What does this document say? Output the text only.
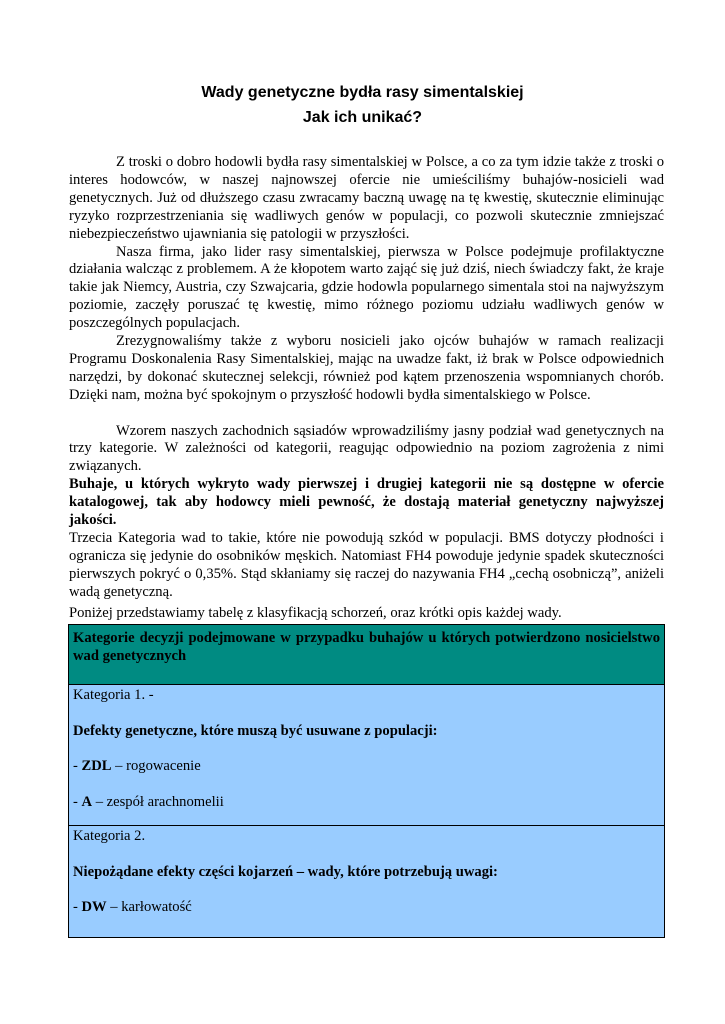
Wady genetyczne bydła rasy simentalskiej
Jak ich unikać?

Z troski o dobro hodowli bydła rasy simentalskiej w Polsce, a co za tym idzie także z troski o interes hodowców, w naszej najnowszej ofercie nie umieściliśmy buhajów-nosicieli wad genetycznych. Już od dłuższego czasu zwracamy baczną uwagę na tę kwestię, skutecznie eliminując ryzyko rozprzestrzeniania się wadliwych genów w populacji, co pozwoli skutecznie zmniejszać niebezpieczeństwo ujawniania się patologii w przyszłości.

Nasza firma, jako lider rasy simentalskiej, pierwsza w Polsce podejmuje profilaktyczne działania walcząc z problemem. A że kłopotem warto zająć się już dziś, niech świadczy fakt, że kraje takie jak Niemcy, Austria, czy Szwajcaria, gdzie hodowla popularnego simentala stoi na najwyższym poziomie, zaczęły poruszać tę kwestię, mimo różnego poziomu udziału wadliwych genów w poszczególnych populacjach.

Zrezygnowaliśmy także z wyboru nosicieli jako ojców buhajów w ramach realizacji Programu Doskonalenia Rasy Simentalskiej, mając na uwadze fakt, iż brak w Polsce odpowiednich narzędzi, by dokonać skutecznej selekcji, również pod kątem przenoszenia wspomnianych chorób. Dzięki nam, można być spokojnym o przyszłość hodowli bydła simentalskiego w Polsce.

Wzorem naszych zachodnich sąsiadów wprowadziliśmy jasny podział wad genetycznych na trzy kategorie. W zależności od kategorii, reagując odpowiednio na poziom zagrożenia z nimi związanych.

Buhaje, u których wykryto wady pierwszej i drugiej kategorii nie są dostępne w ofercie katalogowej, tak aby hodowcy mieli pewność, że dostają materiał genetyczny najwyższej jakości.

Trzecia Kategoria wad to takie, które nie powodują szkód w populacji. BMS dotyczy płodności i ogranicza się jedynie do osobników męskich. Natomiast FH4 powoduje jedynie spadek skuteczności pierwszych pokryć o 0,35%. Stąd skłaniamy się raczej do nazywania FH4 „cechą osobniczą”, aniżeli wadą genetyczną.

Poniżej przedstawiamy tabelę z klasyfikacją schorzeń, oraz krótki opis każdej wady.

Kategorie decyzji podejmowane w przypadku buhajów u których potwierdzono nosicielstwo wad genetycznych

Kategoria 1. -

Defekty genetyczne, które muszą być usuwane z populacji:

- ZDL – rogowacenie

- A – zespół arachnomelii

Kategoria 2.

Niepożądane efekty części kojarzeń – wady, które potrzebują uwagi:

- DW – karłowatość
